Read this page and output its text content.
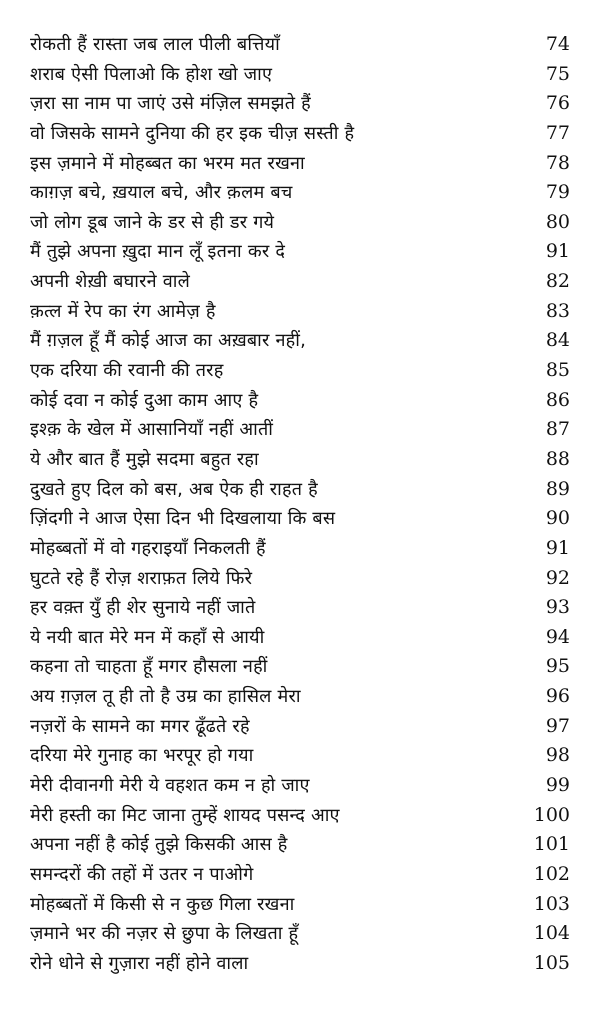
रोकती हैं रास्ता जब लाल पीली बत्तियाँ	74
शराब ऐसी पिलाओ कि होश खो जाए	75
ज़रा सा नाम पा जाएं उसे मंज़िल समझते हैं	76
वो जिसके सामने दुनिया की हर इक चीज़ सस्ती है	77
इस ज़माने में मोहब्बत का भरम मत रखना	78
काग़ज़ बचे, ख़याल बचे, और क़लम बच	79
जो लोग डूब जाने के डर से ही डर गये	80
मैं तुझे अपना ख़ुदा मान लूँ इतना कर दे	91
अपनी शेख़ी बघारने वाले	82
क़त्ल में रेप का रंग आमेज़ है	83
मैं ग़ज़ल हूँ मैं कोई आज का अख़बार नहीं,	84
एक दरिया की रवानी की तरह	85
कोई दवा न कोई दुआ काम आए है	86
इश्क़ के खेल में आसानियाँ नहीं आतीं	87
ये और बात हैं मुझे सदमा बहुत रहा	88
दुखते हुए दिल को बस, अब ऐक ही राहत है	89
ज़िंदगी ने आज ऐसा दिन भी दिखलाया कि बस	90
मोहब्बतों में वो गहराइयाँ निकलती हैं	91
घुटते रहे हैं रोज़ शराफ़त लिये फिरे	92
हर वक़्त युँ ही शेर सुनाये नहीं जाते	93
ये नयी बात मेरे मन में कहाँ से आयी	94
कहना तो चाहता हूँ मगर हौसला नहीं	95
अय ग़ज़ल तू ही तो है उम्र का हासिल मेरा	96
नज़रों के सामने का मगर ढूँढते रहे	97
दरिया मेरे गुनाह का भरपूर हो गया	98
मेरी दीवानगी मेरी ये वहशत कम न हो जाए	99
मेरी हस्ती का मिट जाना तुम्हें शायद पसन्द आए	100
अपना नहीं है कोई तुझे किसकी आस है	101
समन्दरों की तहों में उतर न पाओगे	102
मोहब्बतों में किसी से न कुछ गिला रखना	103
ज़माने भर की नज़र से छुपा के लिखता हूँ	104
रोने धोने से गुज़ारा नहीं होने वाला	105
